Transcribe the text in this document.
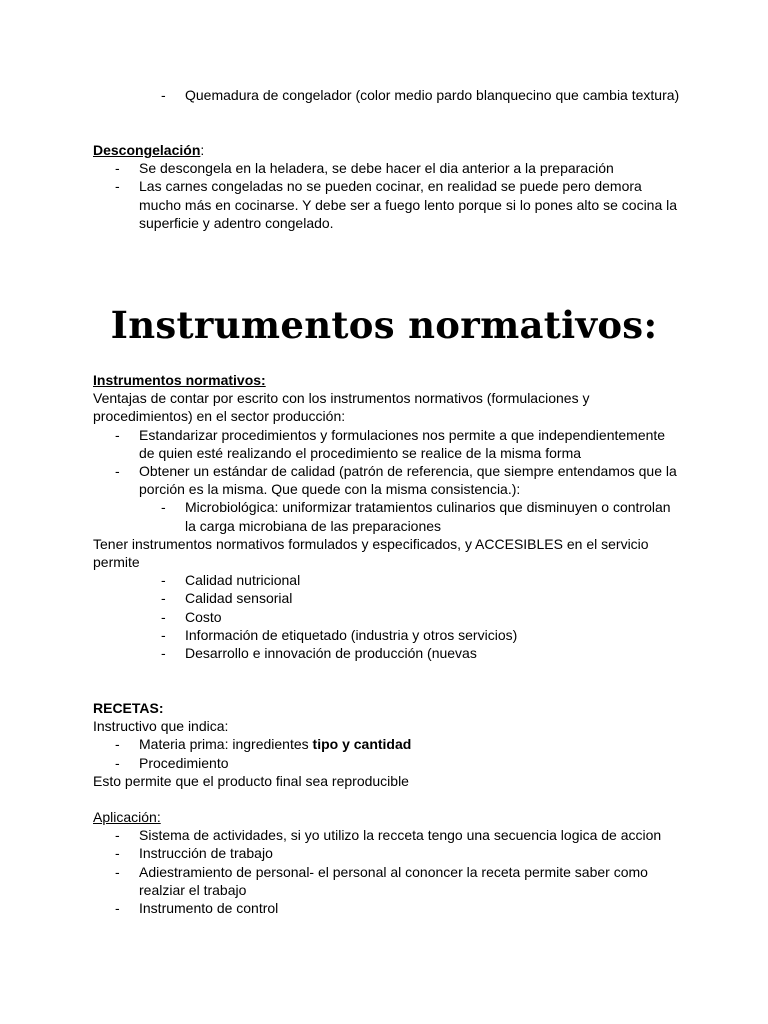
- Quemadura de congelador (color medio pardo blanquecino que cambia textura)

Descongelación:

- Se descongela en la heladera, se debe hacer el dia anterior a la preparación

- Las carnes congeladas no se pueden cocinar, en realidad se puede pero demora mucho más en cocinarse. Y debe ser a fuego lento porque si lo pones alto se cocina la superficie y adentro congelado.

Instrumentos normativos:

Instrumentos normativos:

Ventajas de contar por escrito con los instrumentos normativos (formulaciones y procedimientos) en el sector producción:

- Estandarizar procedimientos y formulaciones nos permite a que independientemente de quien esté realizando el procedimiento se realice de la misma forma

- Obtener un estándar de calidad (patrón de referencia, que siempre entendamos que la porción es la misma. Que quede con la misma consistencia.):

- Microbiológica: uniformizar tratamientos culinarios que disminuyen o controlan la carga microbiana de las preparaciones

Tener instrumentos normativos formulados y especificados, y ACCESIBLES en el servicio permite

- Calidad nutricional

- Calidad sensorial

- Costo

- Información de etiquetado (industria y otros servicios)

- Desarrollo e innovación de producción (nuevas

RECETAS:

Instructivo que indica:

- Materia prima: ingredientes tipo y cantidad

- Procedimiento

Esto permite que el producto final sea reproducible

Aplicación:

- Sistema de actividades, si yo utilizo la recceta tengo una secuencia logica de accion

- Instrucción de trabajo

- Adiestramiento de personal- el personal al cononcer la receta permite saber como realziar el trabajo

- Instrumento de control
